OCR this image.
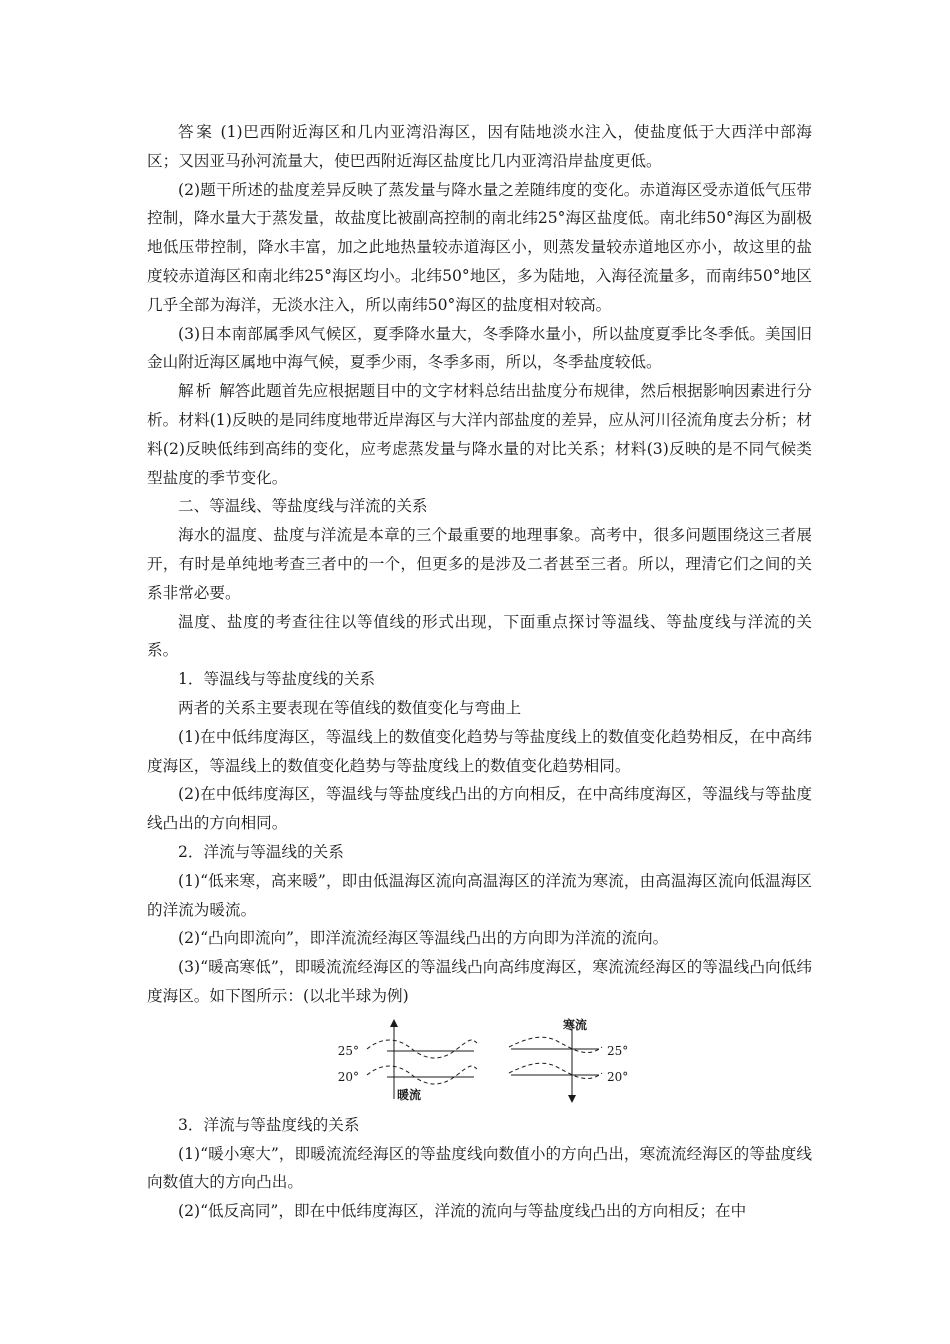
答案 (1)巴西附近海区和几内亚湾沿海区，因有陆地淡水注入，使盐度低于大西洋中部海区；又因亚马孙河流量大，使巴西附近海区盐度比几内亚湾沿岸盐度更低。

(2)题干所述的盐度差异反映了蒸发量与降水量之差随纬度的变化。赤道海区受赤道低气压带控制，降水量大于蒸发量，故盐度比被副高控制的南北纬25°海区盐度低。南北纬50°海区为副极地低压带控制，降水丰富，加之此地热量较赤道海区小，则蒸发量较赤道地区亦小，故这里的盐度较赤道海区和南北纬25°海区均小。北纬50°地区，多为陆地，入海径流量多，而南纬50°地区几乎全部为海洋，无淡水注入，所以南纬50°海区的盐度相对较高。

(3)日本南部属季风气候区，夏季降水量大，冬季降水量小，所以盐度夏季比冬季低。美国旧金山附近海区属地中海气候，夏季少雨，冬季多雨，所以，冬季盐度较低。

解析 解答此题首先应根据题目中的文字材料总结出盐度分布规律，然后根据影响因素进行分析。材料(1)反映的是同纬度地带近岸海区与大洋内部盐度的差异，应从河川径流角度去分析；材料(2)反映低纬到高纬的变化，应考虑蒸发量与降水量的对比关系；材料(3)反映的是不同气候类型盐度的季节变化。

二、等温线、等盐度线与洋流的关系

海水的温度、盐度与洋流是本章的三个最重要的地理事象。高考中，很多问题围绕这三者展开，有时是单纯地考查三者中的一个，但更多的是涉及二者甚至三者。所以，理清它们之间的关系非常必要。

温度、盐度的考查往往以等值线的形式出现，下面重点探讨等温线、等盐度线与洋流的关系。

1．等温线与等盐度线的关系

两者的关系主要表现在等值线的数值变化与弯曲上

(1)在中低纬度海区，等温线上的数值变化趋势与等盐度线上的数值变化趋势相反，在中高纬度海区，等温线上的数值变化趋势与等盐度线上的数值变化趋势相同。

(2)在中低纬度海区，等温线与等盐度线凸出的方向相反，在中高纬度海区，等温线与等盐度线凸出的方向相同。

2．洋流与等温线的关系

(1)“低来寒，高来暖”，即由低温海区流向高温海区的洋流为寒流，由高温海区流向低温海区的洋流为暖流。

(2)“凸向即流向”，即洋流流经海区等温线凸出的方向即为洋流的流向。

(3)“暖高寒低”，即暖流流经海区的等温线凸向高纬度海区，寒流流经海区的等温线凸向低纬度海区。如下图所示：(以北半球为例)

25°
20°
暖流
25°
20°
寒流

3．洋流与等盐度线的关系

(1)“暖小寒大”，即暖流流经海区的等盐度线向数值小的方向凸出，寒流流经海区的等盐度线向数值大的方向凸出。

(2)“低反高同”，即在中低纬度海区，洋流的流向与等盐度线凸出的方向相反；在中
